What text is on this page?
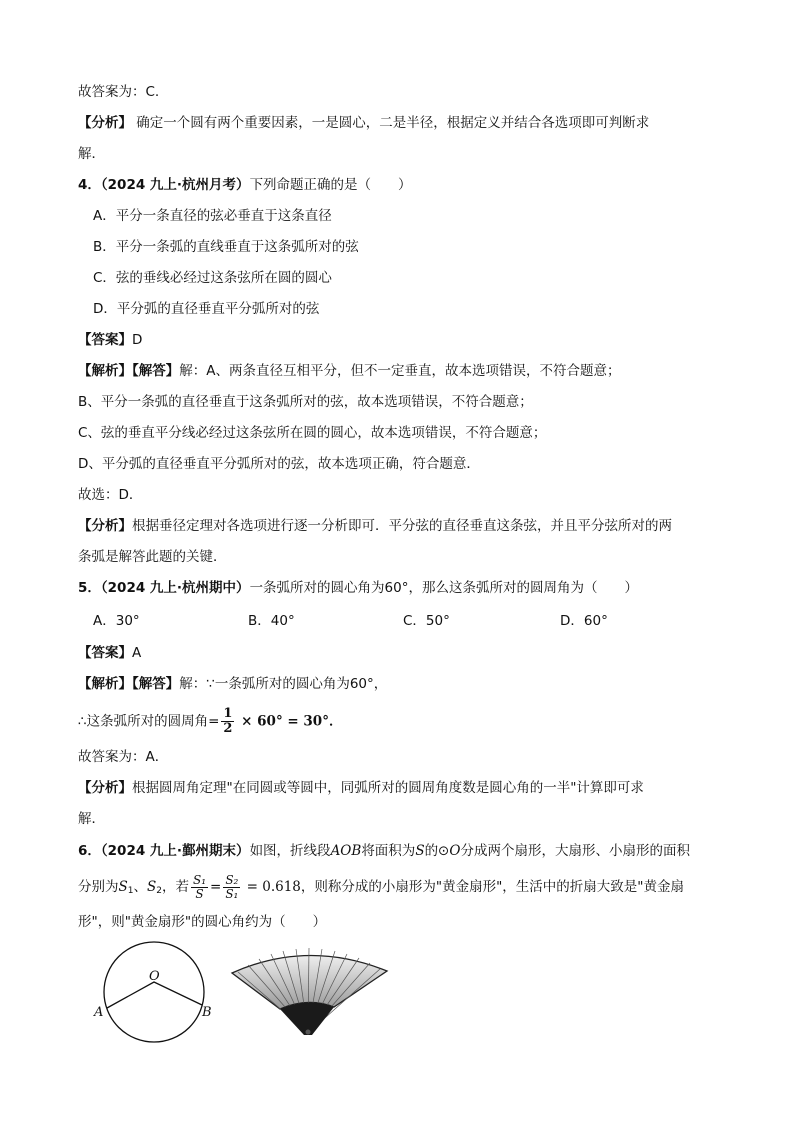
故答案为：C.
【分析】 确定一个圆有两个重要因素，一是圆心，二是半径，根据定义并结合各选项即可判断求
解．
4．（2024 九上·杭州月考）下列命题正确的是（　　）
A．平分一条直径的弦必垂直于这条直径
B．平分一条弧的直线垂直于这条弧所对的弦
C．弦的垂线必经过这条弦所在圆的圆心
D．平分弧的直径垂直平分弧所对的弦
【答案】D
【解析】【解答】解：A、两条直径互相平分，但不一定垂直，故本选项错误，不符合题意；
B、平分一条弧的直径垂直于这条弧所对的弦，故本选项错误，不符合题意；
C、弦的垂直平分线必经过这条弦所在圆的圆心，故本选项错误，不符合题意；
D、平分弧的直径垂直平分弧所对的弦，故本选项正确，符合题意．
故选：D．
【分析】根据垂径定理对各选项进行逐一分析即可．平分弦的直径垂直这条弦，并且平分弦所对的两
条弧是解答此题的关键．
5．（2024 九上·杭州期中）一条弧所对的圆心角为60°，那么这条弧所对的圆周角为（　　）
A．30°	B．40°	C．50°	D．60°
【答案】A
【解析】【解答】解：∵一条弧所对的圆心角为60°，
∴这条弧所对的圆周角= $\frac{1}{2} \times 60^\circ = 30^\circ$．
故答案为：A．
【分析】根据圆周角定理"在同圆或等圆中，同弧所对的圆周角度数是圆心角的一半"计算即可求
解．
6．（2024 九上·鄞州期末）如图，折线段AOB将面积为S的⊙O分成两个扇形，大扇形、小扇形的面积
分别为$S_1$、$S_2$，若 $\frac{\text{S₁}}{S} = \frac{\text{S₂}}{\text{S₁}} = 0.618$，则称分成的小扇形为"黄金扇形"，生活中的折扇大致是"黄金扇
形"，则"黄金扇形"的圆心角约为（　　）
O
A	B
